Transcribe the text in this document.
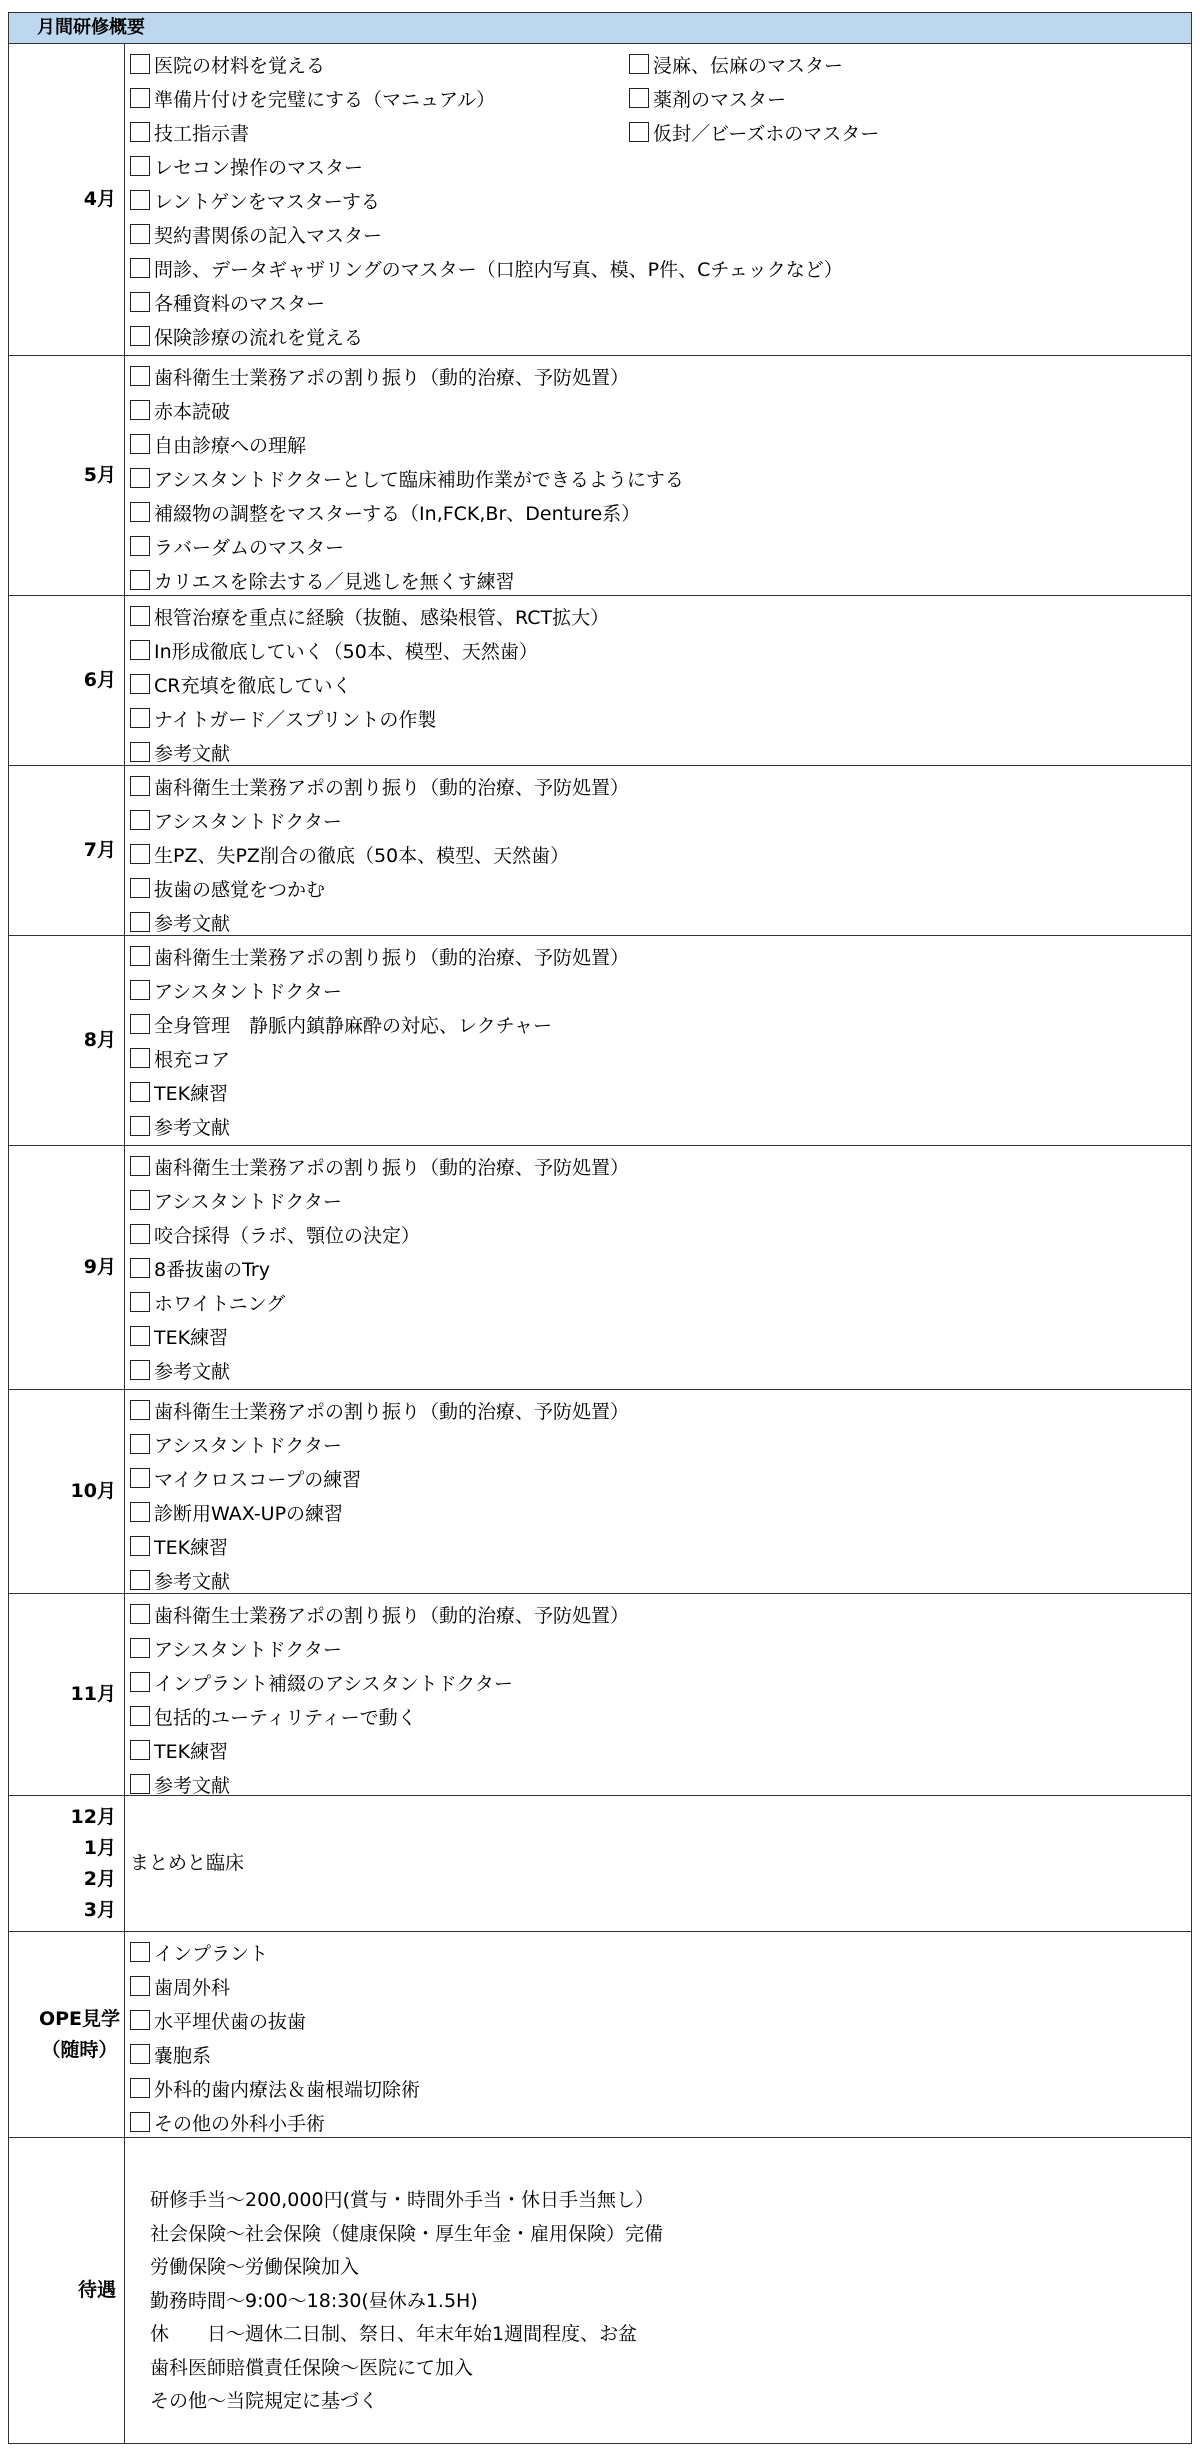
月間研修概要
4月
医院の材料を覚える
準備片付けを完璧にする（マニュアル）
技工指示書
レセコン操作のマスター
レントゲンをマスターする
契約書関係の記入マスター
問診、データギャザリングのマスター（口腔内写真、模、P件、Cチェックなど）
各種資料のマスター
保険診療の流れを覚える
浸麻、伝麻のマスター
薬剤のマスター
仮封／ビーズホのマスター
5月
歯科衛生士業務アポの割り振り（動的治療、予防処置）
赤本読破
自由診療への理解
アシスタントドクターとして臨床補助作業ができるようにする
補綴物の調整をマスターする（In,FCK,Br、Denture系）
ラバーダムのマスター
カリエスを除去する／見逃しを無くす練習
6月
根管治療を重点に経験（抜髄、感染根管、RCT拡大）
In形成徹底していく（50本、模型、天然歯）
CR充填を徹底していく
ナイトガード／スプリントの作製
参考文献
7月
歯科衛生士業務アポの割り振り（動的治療、予防処置）
アシスタントドクター
生PZ、失PZ削合の徹底（50本、模型、天然歯）
抜歯の感覚をつかむ
参考文献
8月
歯科衛生士業務アポの割り振り（動的治療、予防処置）
アシスタントドクター
全身管理　静脈内鎮静麻酔の対応、レクチャー
根充コア
TEK練習
参考文献
9月
歯科衛生士業務アポの割り振り（動的治療、予防処置）
アシスタントドクター
咬合採得（ラボ、顎位の決定）
8番抜歯のTry
ホワイトニング
TEK練習
参考文献
10月
歯科衛生士業務アポの割り振り（動的治療、予防処置）
アシスタントドクター
マイクロスコープの練習
診断用WAX-UPの練習
TEK練習
参考文献
11月
歯科衛生士業務アポの割り振り（動的治療、予防処置）
アシスタントドクター
インプラント補綴のアシスタントドクター
包括的ユーティリティーで動く
TEK練習
参考文献
12月
1月
2月
3月
まとめと臨床
OPE見学
（随時）
インプラント
歯周外科
水平埋伏歯の抜歯
嚢胞系
外科的歯内療法＆歯根端切除術
その他の外科小手術
待遇
研修手当～200,000円(賞与・時間外手当・休日手当無し）
社会保険～社会保険（健康保険・厚生年金・雇用保険）完備
労働保険～労働保険加入
勤務時間～9:00～18:30(昼休み1.5H)
休　　日～週休二日制、祭日、年末年始1週間程度、お盆
歯科医師賠償責任保険～医院にて加入
その他～当院規定に基づく
